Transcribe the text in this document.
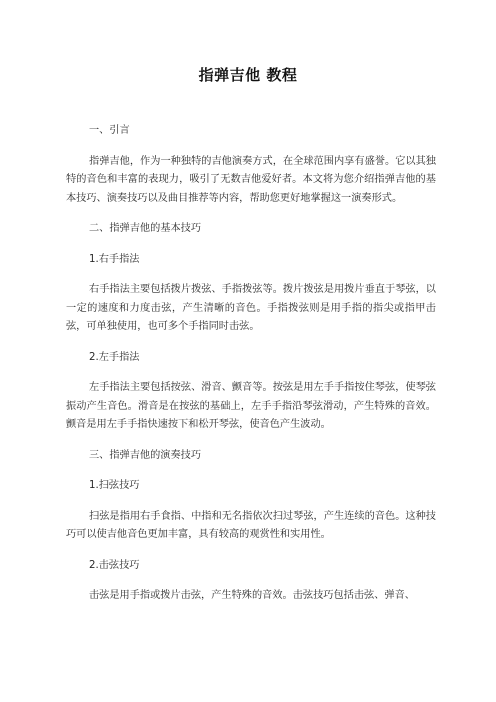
指弹吉他 教程

一、引言

指弹吉他，作为一种独特的吉他演奏方式，在全球范围内享有盛誉。它以其独特的音色和丰富的表现力，吸引了无数吉他爱好者。本文将为您介绍指弹吉他的基本技巧、演奏技巧以及曲目推荐等内容，帮助您更好地掌握这一演奏形式。

二、指弹吉他的基本技巧

1.右手指法

右手指法主要包括拨片拨弦、手指拨弦等。拨片拨弦是用拨片垂直于琴弦，以一定的速度和力度击弦，产生清晰的音色。手指拨弦则是用手指的指尖或指甲击弦，可单独使用，也可多个手指同时击弦。

2.左手指法

左手指法主要包括按弦、滑音、颤音等。按弦是用左手手指按住琴弦，使琴弦振动产生音色。滑音是在按弦的基础上，左手手指沿琴弦滑动，产生特殊的音效。颤音是用左手手指快速按下和松开琴弦，使音色产生波动。

三、指弹吉他的演奏技巧

1.扫弦技巧

扫弦是指用右手食指、中指和无名指依次扫过琴弦，产生连续的音色。这种技巧可以使吉他音色更加丰富，具有较高的观赏性和实用性。

2.击弦技巧

击弦是用手指或拨片击弦，产生特殊的音效。击弦技巧包括击弦、弹音、
